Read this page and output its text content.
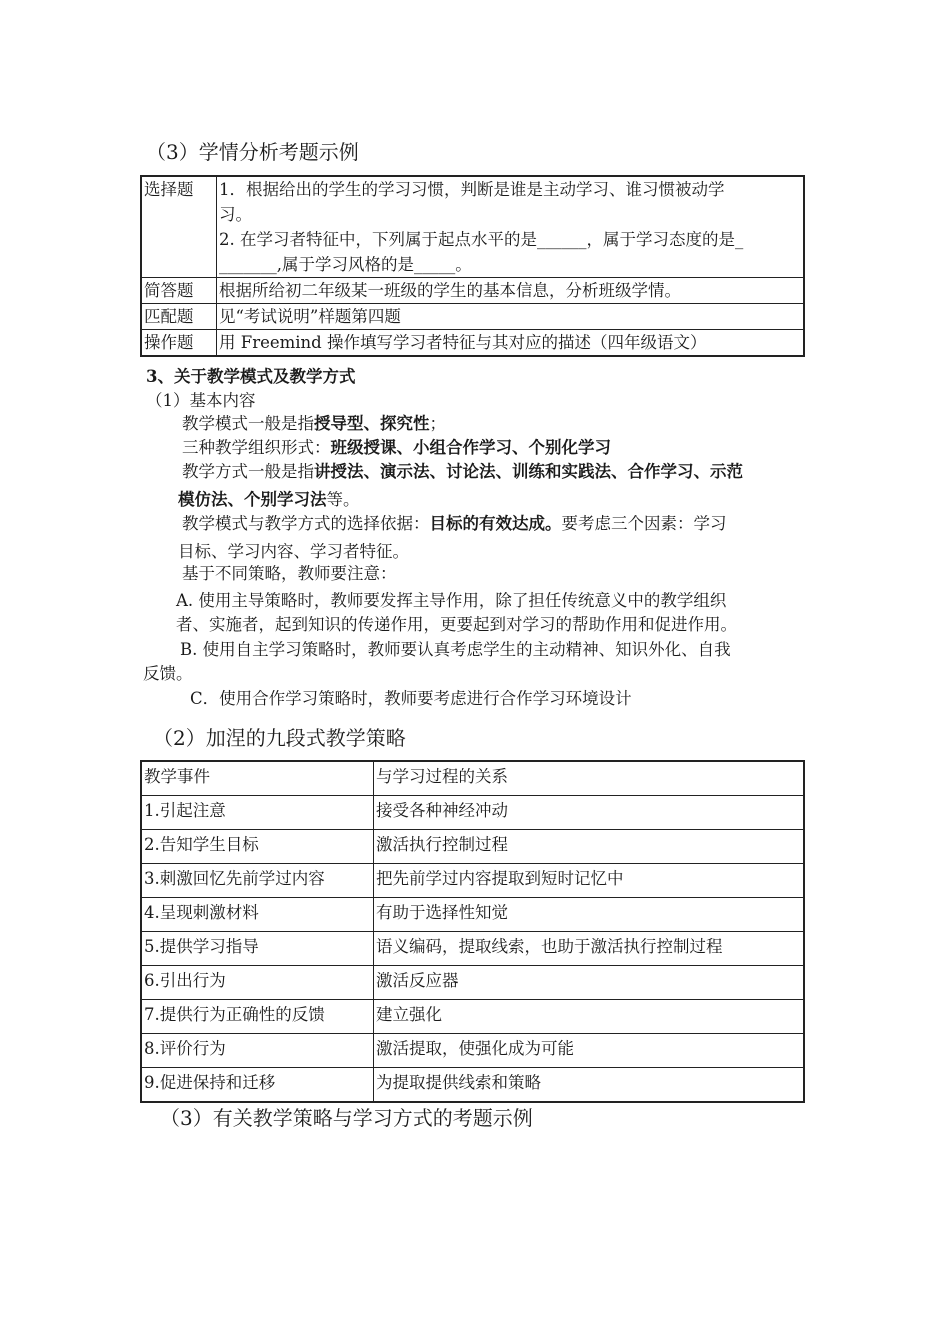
（3）学情分析考题示例
选择题	1．根据给出的学生的学习习惯，判断是谁是主动学习、谁习惯被动学
习。
2. 在学习者特征中，下列属于起点水平的是______，属于学习态度的是_
_______,属于学习风格的是_____。

简答题	根据所给初二年级某一班级的学生的基本信息，分析班级学情。
匹配题	见“考试说明”样题第四题
操作题	用 Freemind 操作填写学习者特征与其对应的描述（四年级语文）
3、关于教学模式及教学方式
（1）基本内容
教学模式一般是指授导型、探究性；
三种教学组织形式：班级授课、小组合作学习、个别化学习
教学方式一般是指讲授法、演示法、讨论法、训练和实践法、合作学习、示范
模仿法、个别学习法等。
教学模式与教学方式的选择依据：目标的有效达成。要考虑三个因素：学习
目标、学习内容、学习者特征。
基于不同策略，教师要注意：
A. 使用主导策略时，教师要发挥主导作用，除了担任传统意义中的教学组织
者、实施者，起到知识的传递作用，更要起到对学习的帮助作用和促进作用。
B. 使用自主学习策略时，教师要认真考虑学生的主动精神、知识外化、自我
反馈。
C．使用合作学习策略时，教师要考虑进行合作学习环境设计
（2）加涅的九段式教学策略
教学事件	与学习过程的关系
1.引起注意	接受各种神经冲动
2.告知学生目标	激活执行控制过程
3.刺激回忆先前学过内容	把先前学过内容提取到短时记忆中
4.呈现刺激材料	有助于选择性知觉
5.提供学习指导	语义编码，提取线索，也助于激活执行控制过程
6.引出行为	激活反应器
7.提供行为正确性的反馈	建立强化
8.评价行为	激活提取，使强化成为可能
9.促进保持和迁移	为提取提供线索和策略
（3）有关教学策略与学习方式的考题示例
